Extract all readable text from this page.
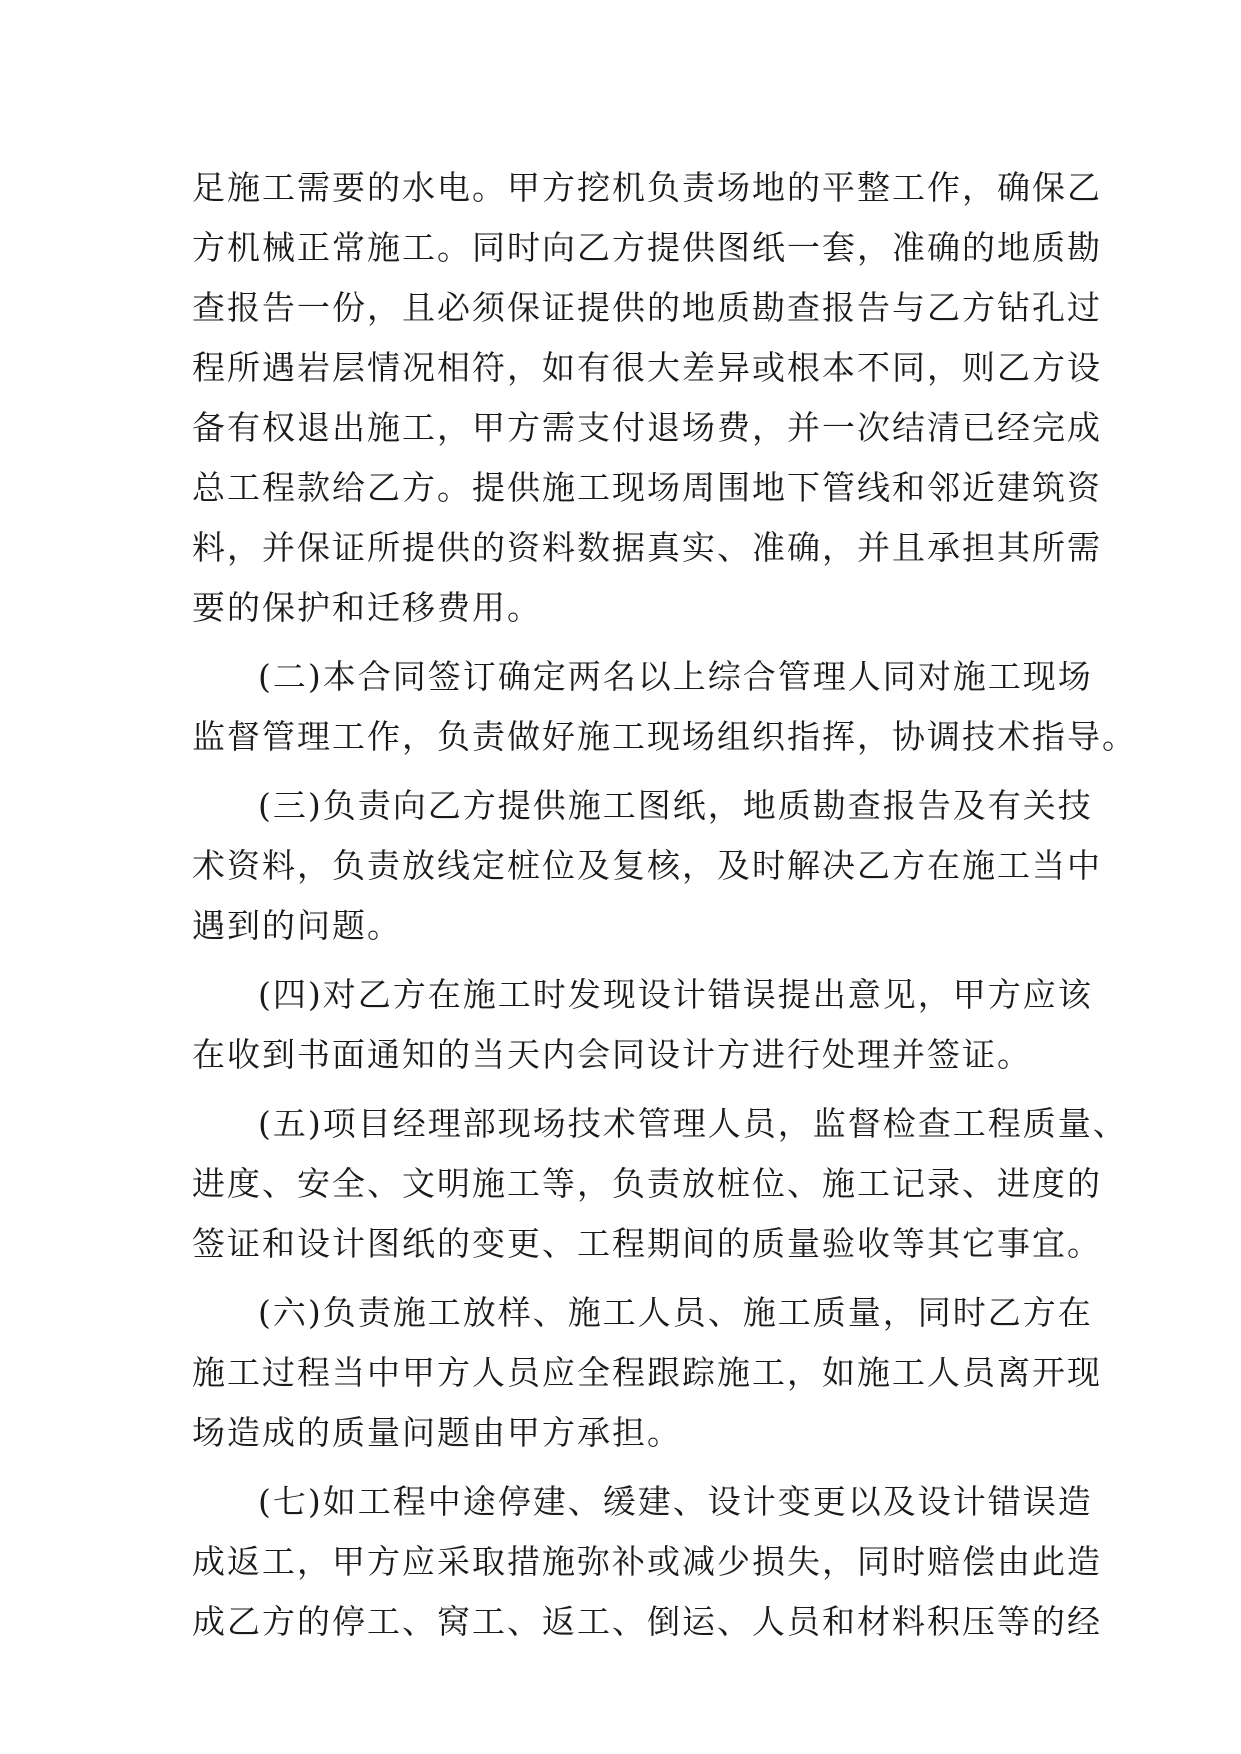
足施工需要的水电。甲方挖机负责场地的平整工作，确保乙
方机械正常施工。同时向乙方提供图纸一套，准确的地质勘
查报告一份，且必须保证提供的地质勘查报告与乙方钻孔过
程所遇岩层情况相符，如有很大差异或根本不同，则乙方设
备有权退出施工，甲方需支付退场费，并一次结清已经完成
总工程款给乙方。提供施工现场周围地下管线和邻近建筑资
料，并保证所提供的资料数据真实、准确，并且承担其所需
要的保护和迁移费用。
(二)本合同签订确定两名以上综合管理人同对施工现场
监督管理工作，负责做好施工现场组织指挥，协调技术指导。
(三)负责向乙方提供施工图纸，地质勘查报告及有关技
术资料，负责放线定桩位及复核，及时解决乙方在施工当中
遇到的问题。
(四)对乙方在施工时发现设计错误提出意见，甲方应该
在收到书面通知的当天内会同设计方进行处理并签证。
(五)项目经理部现场技术管理人员，监督检查工程质量、
进度、安全、文明施工等，负责放桩位、施工记录、进度的
签证和设计图纸的变更、工程期间的质量验收等其它事宜。
(六)负责施工放样、施工人员、施工质量，同时乙方在
施工过程当中甲方人员应全程跟踪施工，如施工人员离开现
场造成的质量问题由甲方承担。
(七)如工程中途停建、缓建、设计变更以及设计错误造
成返工，甲方应采取措施弥补或减少损失，同时赔偿由此造
成乙方的停工、窝工、返工、倒运、人员和材料积压等的经
